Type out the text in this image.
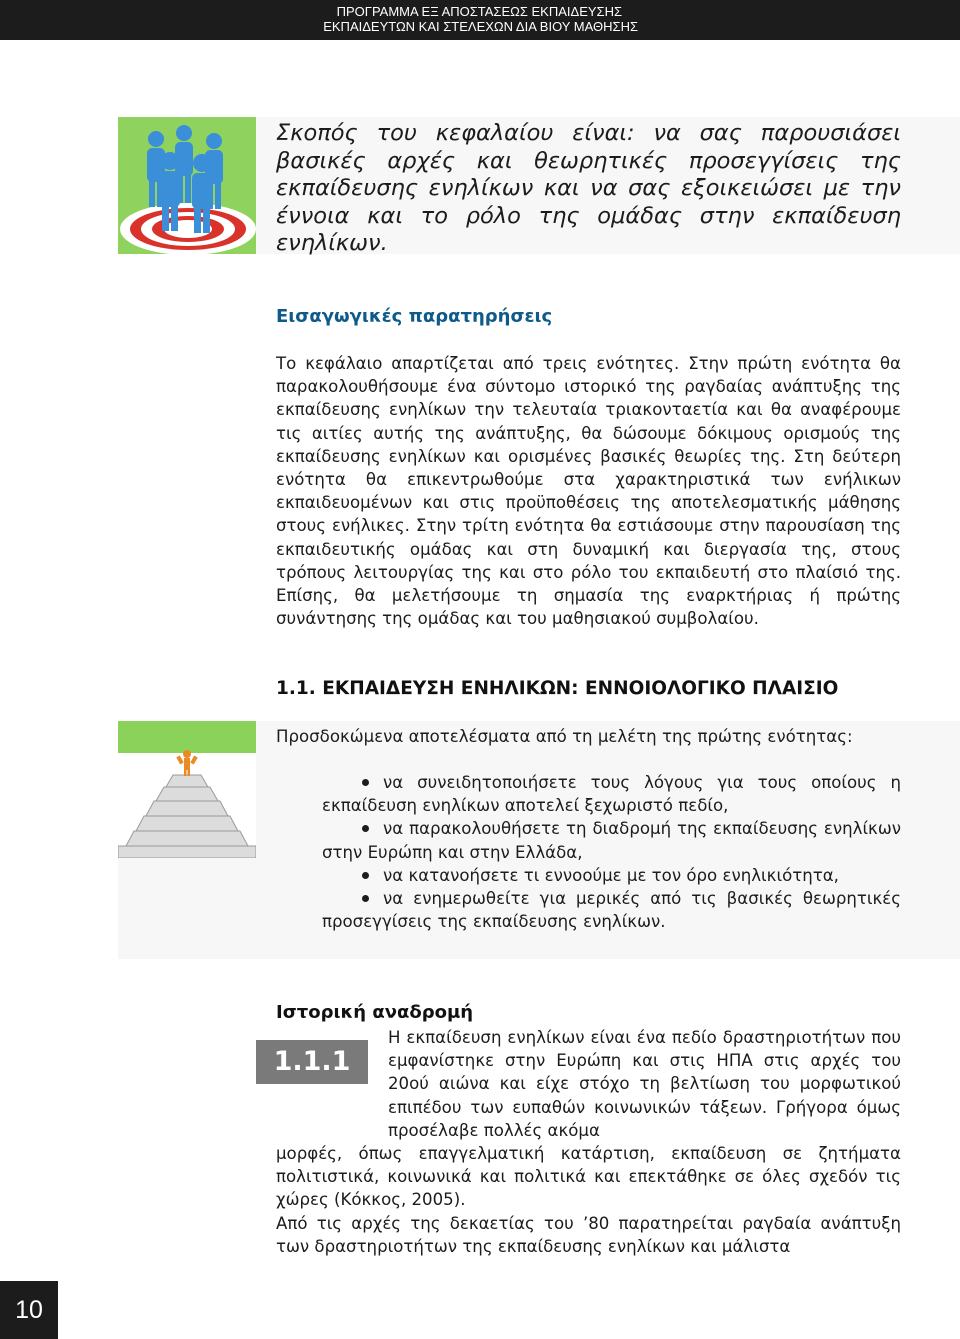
ΠΡΟΓΡΑΜΜΑ ΕΞ ΑΠΟΣΤΑΣΕΩΣ ΕΚΠΑΙΔΕΥΣΗΣ
ΕΚΠΑΙΔΕΥΤΩΝ ΚΑΙ ΣΤΕΛΕΧΩΝ ΔΙΑ ΒΙΟΥ ΜΑΘΗΣΗΣ
Σκοπός του κεφαλαίου είναι: να σας παρουσιάσει βασικές αρχές και θεωρητικές προσεγγίσεις της εκπαίδευσης ενηλίκων και να σας εξοικειώσει με την έννοια και το ρόλο της ομάδας στην εκπαίδευση ενηλίκων.
Εισαγωγικές παρατηρήσεις
Το κεφάλαιο απαρτίζεται από τρεις ενότητες. Στην πρώτη ενότητα θα παρακολουθήσουμε ένα σύντομο ιστορικό της ραγδαίας ανάπτυξης της εκπαίδευσης ενηλίκων την τελευταία τριακονταετία και θα αναφέρουμε τις αιτίες αυτής της ανάπτυξης, θα δώσουμε δόκιμους ορισμούς της εκπαίδευσης ενηλίκων και ορισμένες βασικές θεωρίες της. Στη δεύτερη ενότητα θα επικεντρωθούμε στα χαρακτηριστικά των ενήλικων εκπαιδευομένων και στις προϋποθέσεις της αποτελεσματικής μάθησης στους ενήλικες. Στην τρίτη ενότητα θα εστιάσουμε στην παρουσίαση της εκπαιδευτικής ομάδας και στη δυναμική και διεργασία της, στους τρόπους λειτουργίας της και στο ρόλο του εκπαιδευτή στο πλαίσιό της. Επίσης, θα μελετήσουμε τη σημασία της εναρκτήριας ή πρώτης συνάντησης της ομάδας και του μαθησιακού συμβολαίου.
1.1. ΕΚΠΑΙΔΕΥΣΗ ΕΝΗΛΙΚΩΝ: ΕΝΝΟΙΟΛΟΓΙΚΟ ΠΛΑΙΣΙΟ
Προσδοκώμενα αποτελέσματα από τη μελέτη της πρώτης ενότητας:
να συνειδητοποιήσετε τους λόγους για τους οποίους η εκπαίδευση ενηλίκων αποτελεί ξεχωριστό πεδίο,
να παρακολουθήσετε τη διαδρομή της εκπαίδευσης ενηλίκων στην Ευρώπη και στην Ελλάδα,
να κατανοήσετε τι εννοούμε με τον όρο ενηλικιότητα,
να ενημερωθείτε για μερικές από τις βασικές θεωρητικές προσεγγίσεις της εκπαίδευσης ενηλίκων.
Ιστορική αναδρομή
1.1.1
Η εκπαίδευση ενηλίκων είναι ένα πεδίο δραστηριοτήτων που εμφανίστηκε στην Ευρώπη και στις ΗΠΑ στις αρχές του 20ού αιώνα και είχε στόχο τη βελτίωση του μορφωτικού επιπέδου των ευπαθών κοινωνικών τάξεων. Γρήγορα όμως προσέλαβε πολλές ακόμα
μορφές, όπως επαγγελματική κατάρτιση, εκπαίδευση σε ζητήματα πολιτιστικά, κοινωνικά και πολιτικά και επεκτάθηκε σε όλες σχεδόν τις χώρες (Κόκκος, 2005).
Από τις αρχές της δεκαετίας του ’80 παρατηρείται ραγδαία ανάπτυξη των δραστηριοτήτων της εκπαίδευσης ενηλίκων και μάλιστα
10
